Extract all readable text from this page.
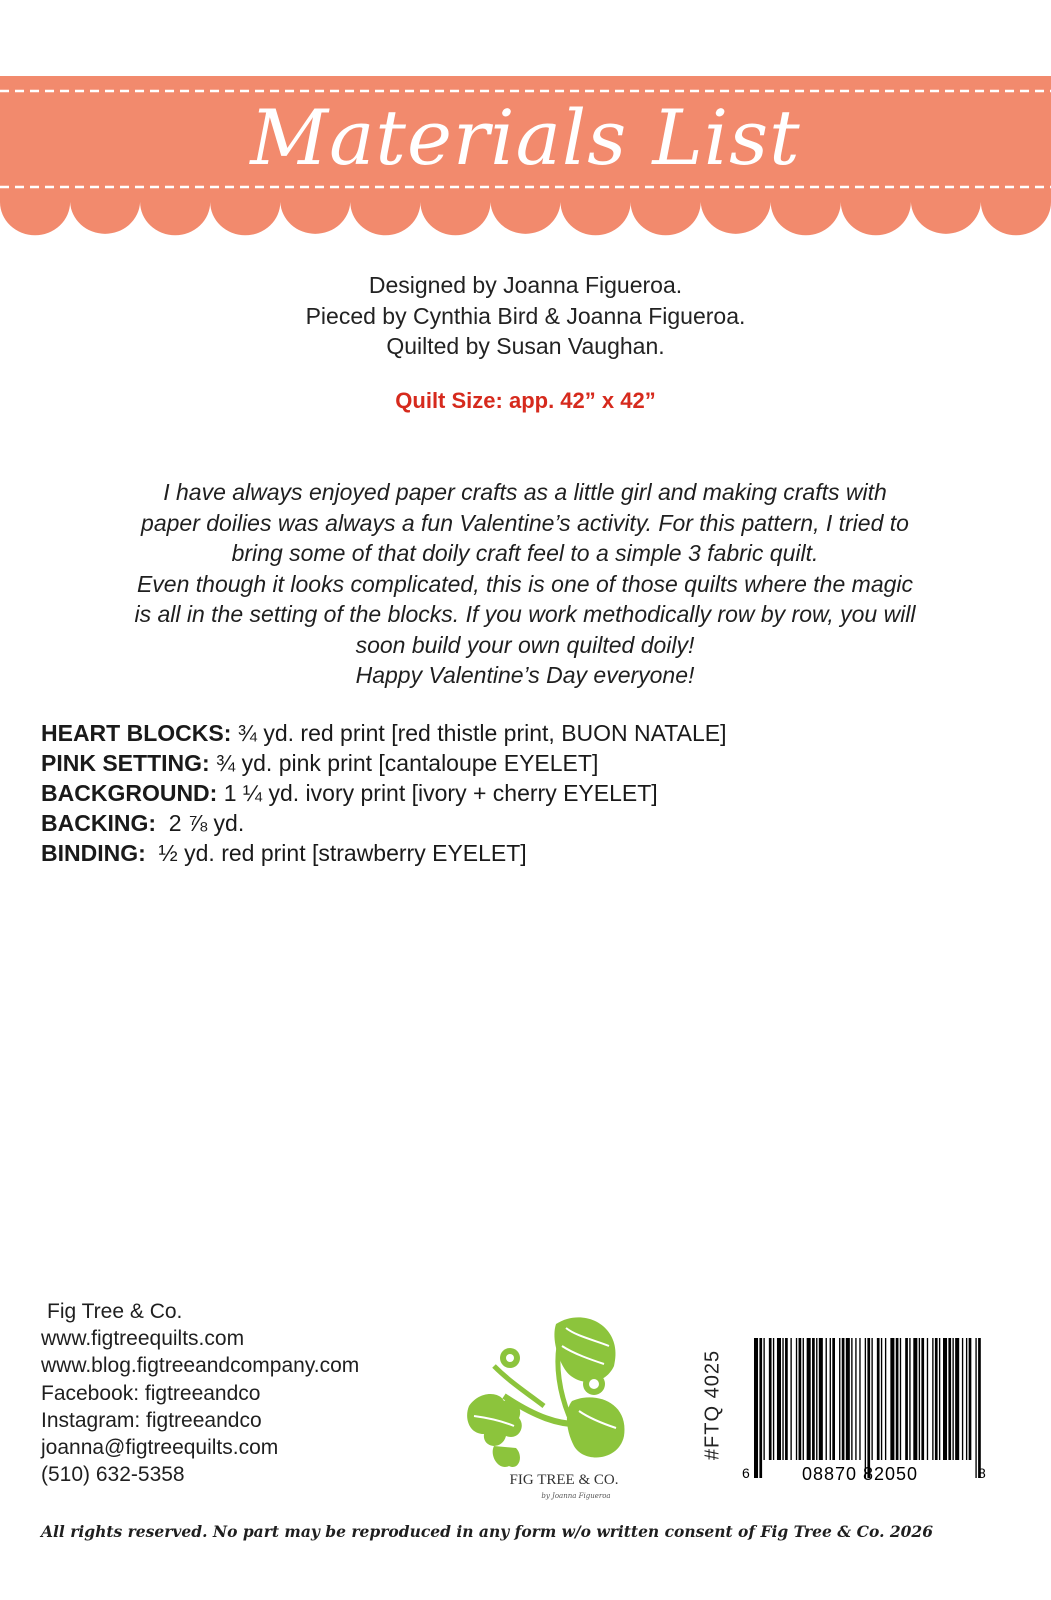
Materials List
Designed by Joanna Figueroa.
Pieced by Cynthia Bird & Joanna Figueroa.
Quilted by Susan Vaughan.
Quilt Size: app. 42” x 42”
I have always enjoyed paper crafts as a little girl and making crafts with
paper doilies was always a fun Valentine’s activity. For this pattern, I tried to
bring some of that doily craft feel to a simple 3 fabric quilt.
Even though it looks complicated, this is one of those quilts where the magic
is all in the setting of the blocks. If you work methodically row by row, you will
soon build your own quilted doily!
Happy Valentine’s Day everyone!
HEART BLOCKS: ¾ yd. red print [red thistle print, BUON NATALE]
PINK SETTING: ¾ yd. pink print [cantaloupe EYELET]
BACKGROUND: 1 ¼ yd. ivory print [ivory + cherry EYELET]
BACKING:  2 ⅞ yd.
BINDING:  ½ yd. red print [strawberry EYELET]
Fig Tree & Co.
www.figtreequilts.com
www.blog.figtreeandcompany.com
Facebook: figtreeandco
Instagram: figtreeandco
joanna@figtreequilts.com
(510) 632-5358	FIG TREE & CO.
by Joanna Figueroa
#FTQ 4025
6	08870 82050	8
All rights reserved. No part may be reproduced in any form w/o written consent of Fig Tree & Co. 2026
